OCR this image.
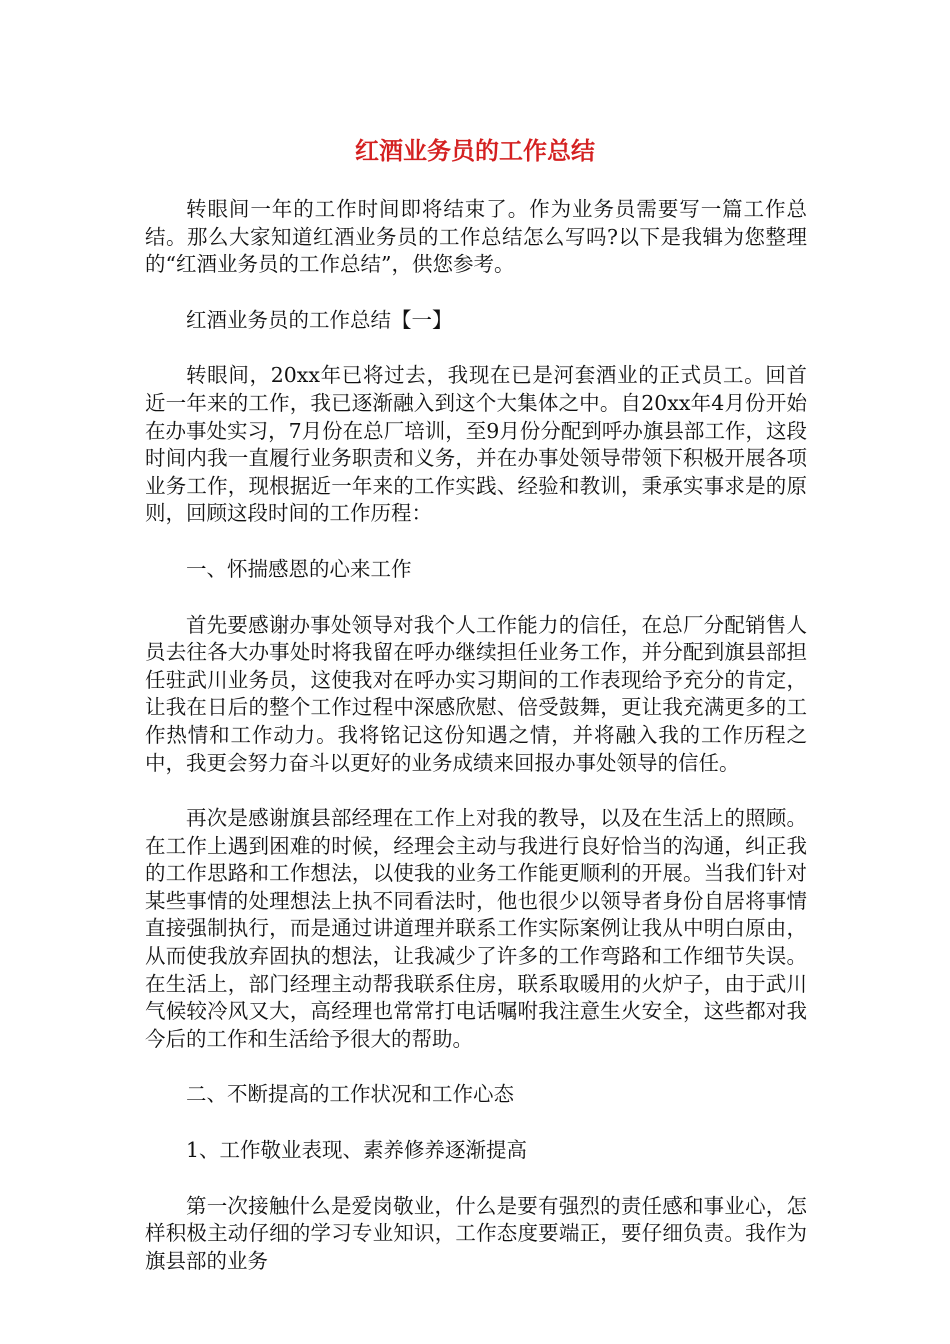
红酒业务员的工作总结

转眼间一年的工作时间即将结束了。作为业务员需要写一篇工作总结。那么大家知道红酒业务员的工作总结怎么写吗?以下是我辑为您整理的“红酒业务员的工作总结”，供您参考。

红酒业务员的工作总结【一】

转眼间，20xx年已将过去，我现在已是河套酒业的正式员工。回首近一年来的工作，我已逐渐融入到这个大集体之中。自20xx年4月份开始在办事处实习，7月份在总厂培训，至9月份分配到呼办旗县部工作，这段时间内我一直履行业务职责和义务，并在办事处领导带领下积极开展各项业务工作，现根据近一年来的工作实践、经验和教训，秉承实事求是的原则，回顾这段时间的工作历程：

一、怀揣感恩的心来工作

首先要感谢办事处领导对我个人工作能力的信任，在总厂分配销售人员去往各大办事处时将我留在呼办继续担任业务工作，并分配到旗县部担任驻武川业务员，这使我对在呼办实习期间的工作表现给予充分的肯定，让我在日后的整个工作过程中深感欣慰、倍受鼓舞，更让我充满更多的工作热情和工作动力。我将铭记这份知遇之情，并将融入我的工作历程之中，我更会努力奋斗以更好的业务成绩来回报办事处领导的信任。

再次是感谢旗县部经理在工作上对我的教导，以及在生活上的照顾。在工作上遇到困难的时候，经理会主动与我进行良好恰当的沟通，纠正我的工作思路和工作想法，以使我的业务工作能更顺利的开展。当我们针对某些事情的处理想法上执不同看法时，他也很少以领导者身份自居将事情直接强制执行，而是通过讲道理并联系工作实际案例让我从中明白原由，从而使我放弃固执的想法，让我减少了许多的工作弯路和工作细节失误。在生活上，部门经理主动帮我联系住房，联系取暖用的火炉子，由于武川气候较冷风又大，高经理也常常打电话嘱咐我注意生火安全，这些都对我今后的工作和生活给予很大的帮助。

二、不断提高的工作状况和工作心态

1、工作敬业表现、素养修养逐渐提高

第一次接触什么是爱岗敬业，什么是要有强烈的责任感和事业心，怎样积极主动仔细的学习专业知识，工作态度要端正，要仔细负责。我作为旗县部的业务
